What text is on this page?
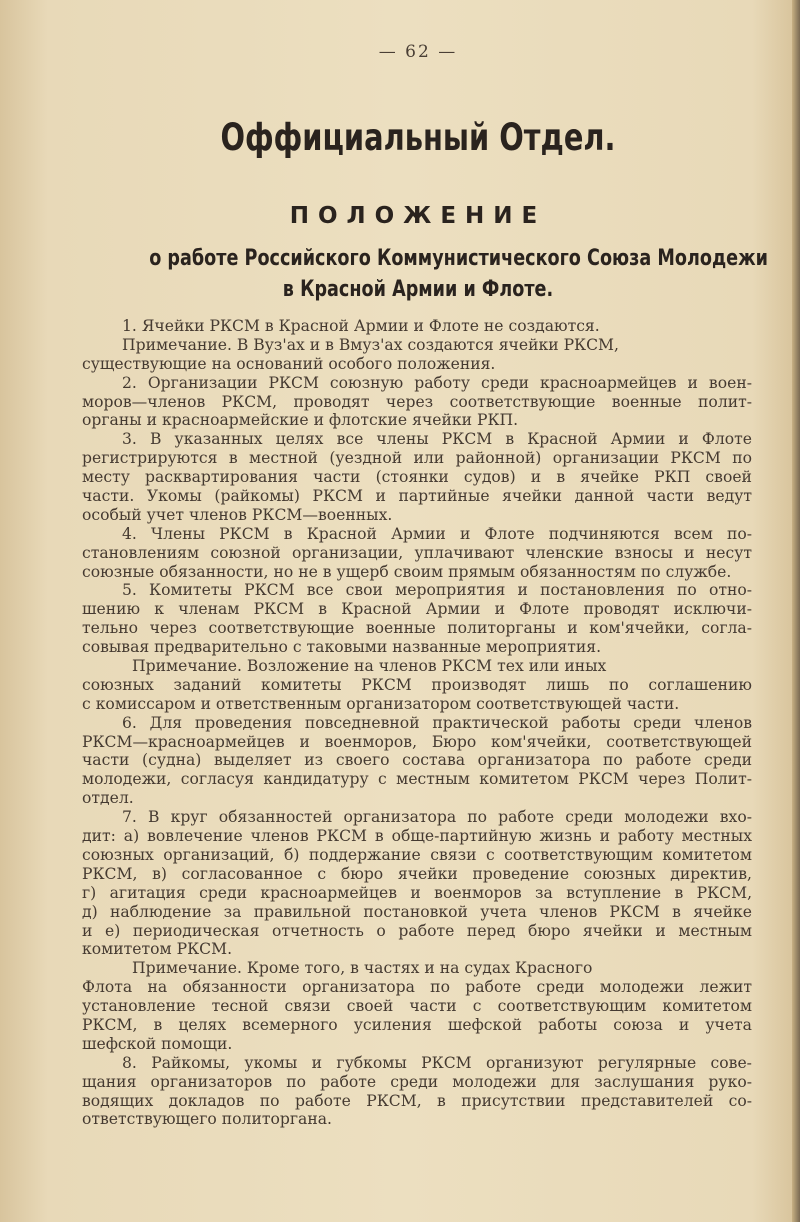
— 62 —
Оффициальный Отдел.
ПОЛОЖЕНИЕ
о работе Российского Коммунистического Союза Молодежи
в Красной Армии и Флоте.
1. Ячейки РКСМ в Красной Армии и Флоте не создаются.
Примечание. В Вуз'ах и в Вмуз'ах создаются ячейки РКСМ,
существующие на оснований особого положения.
2. Организации РКСМ союзную работу среди красноармейцев и воен-
моров—членов РКСМ, проводят через соответствующие военные полит-
органы и красноармейские и флотские ячейки РКП.
3. В указанных целях все члены РКСМ в Красной Армии и Флоте
регистрируются в местной (уездной или районной) организации РКСМ по
месту расквартирования части (стоянки судов) и в ячейке РКП своей
части. Укомы (райкомы) РКСМ и партийные ячейки данной части ведут
особый учет членов РКСМ—военных.
4. Члены РКСМ в Красной Армии и Флоте подчиняются всем по-
становлениям союзной организации, уплачивают членские взносы и несут
союзные обязанности, но не в ущерб своим прямым обязанностям по службе.
5. Комитеты РКСМ все свои мероприятия и постановления по отно-
шению к членам РКСМ в Красной Армии и Флоте проводят исключи-
тельно через соответствующие военные политорганы и ком'ячейки, согла-
совывая предварительно с таковыми названные мероприятия.
Примечание. Возложение на членов РКСМ тех или иных
союзных заданий комитеты РКСМ производят лишь по соглашению
с комиссаром и ответственным организатором соответствующей части.
6. Для проведения повседневной практической работы среди членов
РКСМ—красноармейцев и военморов, Бюро ком'ячейки, соответствующей
части (судна) выделяет из своего состава организатора по работе среди
молодежи, согласуя кандидатуру с местным комитетом РКСМ через Полит-
отдел.
7. В круг обязанностей организатора по работе среди молодежи вхо-
дит: а) вовлечение членов РКСМ в обще-партийную жизнь и работу местных
союзных организаций, б) поддержание связи с соответствующим комитетом
РКСМ, в) согласованное с бюро ячейки проведение союзных директив,
г) агитация среди красноармейцев и военморов за вступление в РКСМ,
д) наблюдение за правильной постановкой учета членов РКСМ в ячейке
и е) периодическая отчетность о работе перед бюро ячейки и местным
комитетом РКСМ.
Примечание. Кроме того, в частях и на судах Красного
Флота на обязанности организатора по работе среди молодежи лежит
установление тесной связи своей части с соответствующим комитетом
РКСМ, в целях всемерного усиления шефской работы союза и учета
шефской помощи.
8. Райкомы, укомы и губкомы РКСМ организуют регулярные сове-
щания организаторов по работе среди молодежи для заслушания руко-
водящих докладов по работе РКСМ, в присутствии представителей со-
ответствующего политоргана.
